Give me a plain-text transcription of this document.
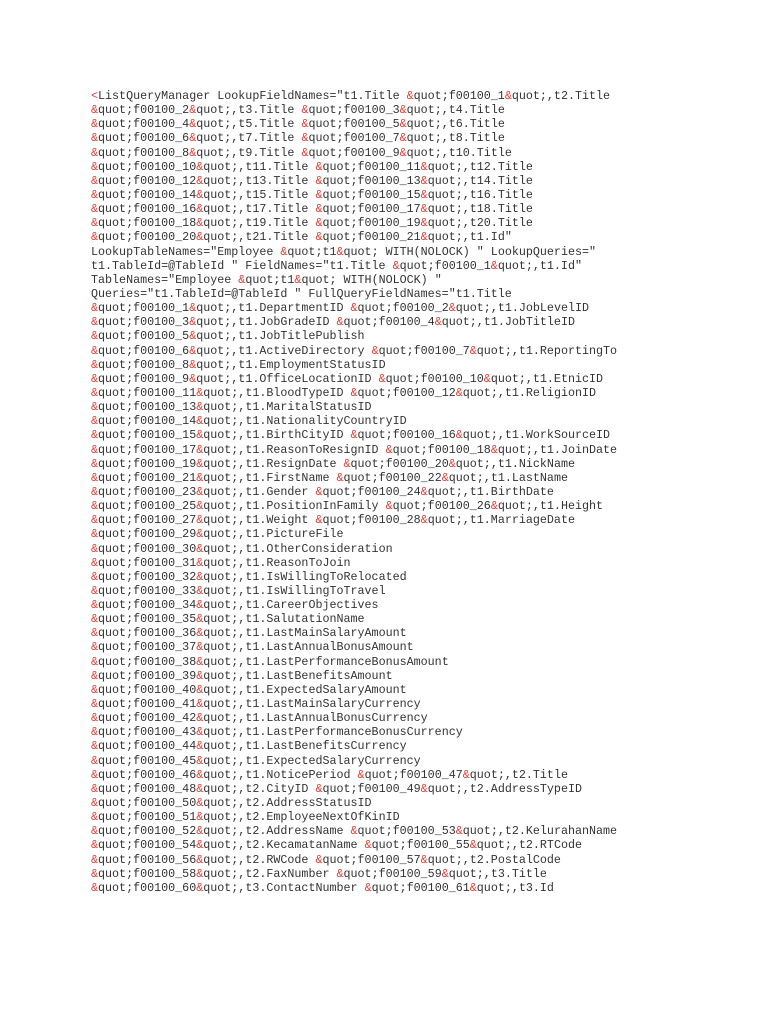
<ListQueryManager LookupFieldNames="t1.Title &quot;f00100_1&quot;,t2.Title
&quot;f00100_2&quot;,t3.Title &quot;f00100_3&quot;,t4.Title
&quot;f00100_4&quot;,t5.Title &quot;f00100_5&quot;,t6.Title
&quot;f00100_6&quot;,t7.Title &quot;f00100_7&quot;,t8.Title
&quot;f00100_8&quot;,t9.Title &quot;f00100_9&quot;,t10.Title
&quot;f00100_10&quot;,t11.Title &quot;f00100_11&quot;,t12.Title
&quot;f00100_12&quot;,t13.Title &quot;f00100_13&quot;,t14.Title
&quot;f00100_14&quot;,t15.Title &quot;f00100_15&quot;,t16.Title
&quot;f00100_16&quot;,t17.Title &quot;f00100_17&quot;,t18.Title
&quot;f00100_18&quot;,t19.Title &quot;f00100_19&quot;,t20.Title
&quot;f00100_20&quot;,t21.Title &quot;f00100_21&quot;,t1.Id"
LookupTableNames="Employee &quot;t1&quot; WITH(NOLOCK) " LookupQueries="
t1.TableId=@TableId " FieldNames="t1.Title &quot;f00100_1&quot;,t1.Id"
TableNames="Employee &quot;t1&quot; WITH(NOLOCK) "
Queries="t1.TableId=@TableId " FullQueryFieldNames="t1.Title
&quot;f00100_1&quot;,t1.DepartmentID &quot;f00100_2&quot;,t1.JobLevelID
&quot;f00100_3&quot;,t1.JobGradeID &quot;f00100_4&quot;,t1.JobTitleID
&quot;f00100_5&quot;,t1.JobTitlePublish
&quot;f00100_6&quot;,t1.ActiveDirectory &quot;f00100_7&quot;,t1.ReportingTo
&quot;f00100_8&quot;,t1.EmploymentStatusID
&quot;f00100_9&quot;,t1.OfficeLocationID &quot;f00100_10&quot;,t1.EtnicID
&quot;f00100_11&quot;,t1.BloodTypeID &quot;f00100_12&quot;,t1.ReligionID
&quot;f00100_13&quot;,t1.MaritalStatusID
&quot;f00100_14&quot;,t1.NationalityCountryID
&quot;f00100_15&quot;,t1.BirthCityID &quot;f00100_16&quot;,t1.WorkSourceID
&quot;f00100_17&quot;,t1.ReasonToResignID &quot;f00100_18&quot;,t1.JoinDate
&quot;f00100_19&quot;,t1.ResignDate &quot;f00100_20&quot;,t1.NickName
&quot;f00100_21&quot;,t1.FirstName &quot;f00100_22&quot;,t1.LastName
&quot;f00100_23&quot;,t1.Gender &quot;f00100_24&quot;,t1.BirthDate
&quot;f00100_25&quot;,t1.PositionInFamily &quot;f00100_26&quot;,t1.Height
&quot;f00100_27&quot;,t1.Weight &quot;f00100_28&quot;,t1.MarriageDate
&quot;f00100_29&quot;,t1.PictureFile
&quot;f00100_30&quot;,t1.OtherConsideration
&quot;f00100_31&quot;,t1.ReasonToJoin
&quot;f00100_32&quot;,t1.IsWillingToRelocated
&quot;f00100_33&quot;,t1.IsWillingToTravel
&quot;f00100_34&quot;,t1.CareerObjectives
&quot;f00100_35&quot;,t1.SalutationName
&quot;f00100_36&quot;,t1.LastMainSalaryAmount
&quot;f00100_37&quot;,t1.LastAnnualBonusAmount
&quot;f00100_38&quot;,t1.LastPerformanceBonusAmount
&quot;f00100_39&quot;,t1.LastBenefitsAmount
&quot;f00100_40&quot;,t1.ExpectedSalaryAmount
&quot;f00100_41&quot;,t1.LastMainSalaryCurrency
&quot;f00100_42&quot;,t1.LastAnnualBonusCurrency
&quot;f00100_43&quot;,t1.LastPerformanceBonusCurrency
&quot;f00100_44&quot;,t1.LastBenefitsCurrency
&quot;f00100_45&quot;,t1.ExpectedSalaryCurrency
&quot;f00100_46&quot;,t1.NoticePeriod &quot;f00100_47&quot;,t2.Title
&quot;f00100_48&quot;,t2.CityID &quot;f00100_49&quot;,t2.AddressTypeID
&quot;f00100_50&quot;,t2.AddressStatusID
&quot;f00100_51&quot;,t2.EmployeeNextOfKinID
&quot;f00100_52&quot;,t2.AddressName &quot;f00100_53&quot;,t2.KelurahanName
&quot;f00100_54&quot;,t2.KecamatanName &quot;f00100_55&quot;,t2.RTCode
&quot;f00100_56&quot;,t2.RWCode &quot;f00100_57&quot;,t2.PostalCode
&quot;f00100_58&quot;,t2.FaxNumber &quot;f00100_59&quot;,t3.Title
&quot;f00100_60&quot;,t3.ContactNumber &quot;f00100_61&quot;,t3.Id
